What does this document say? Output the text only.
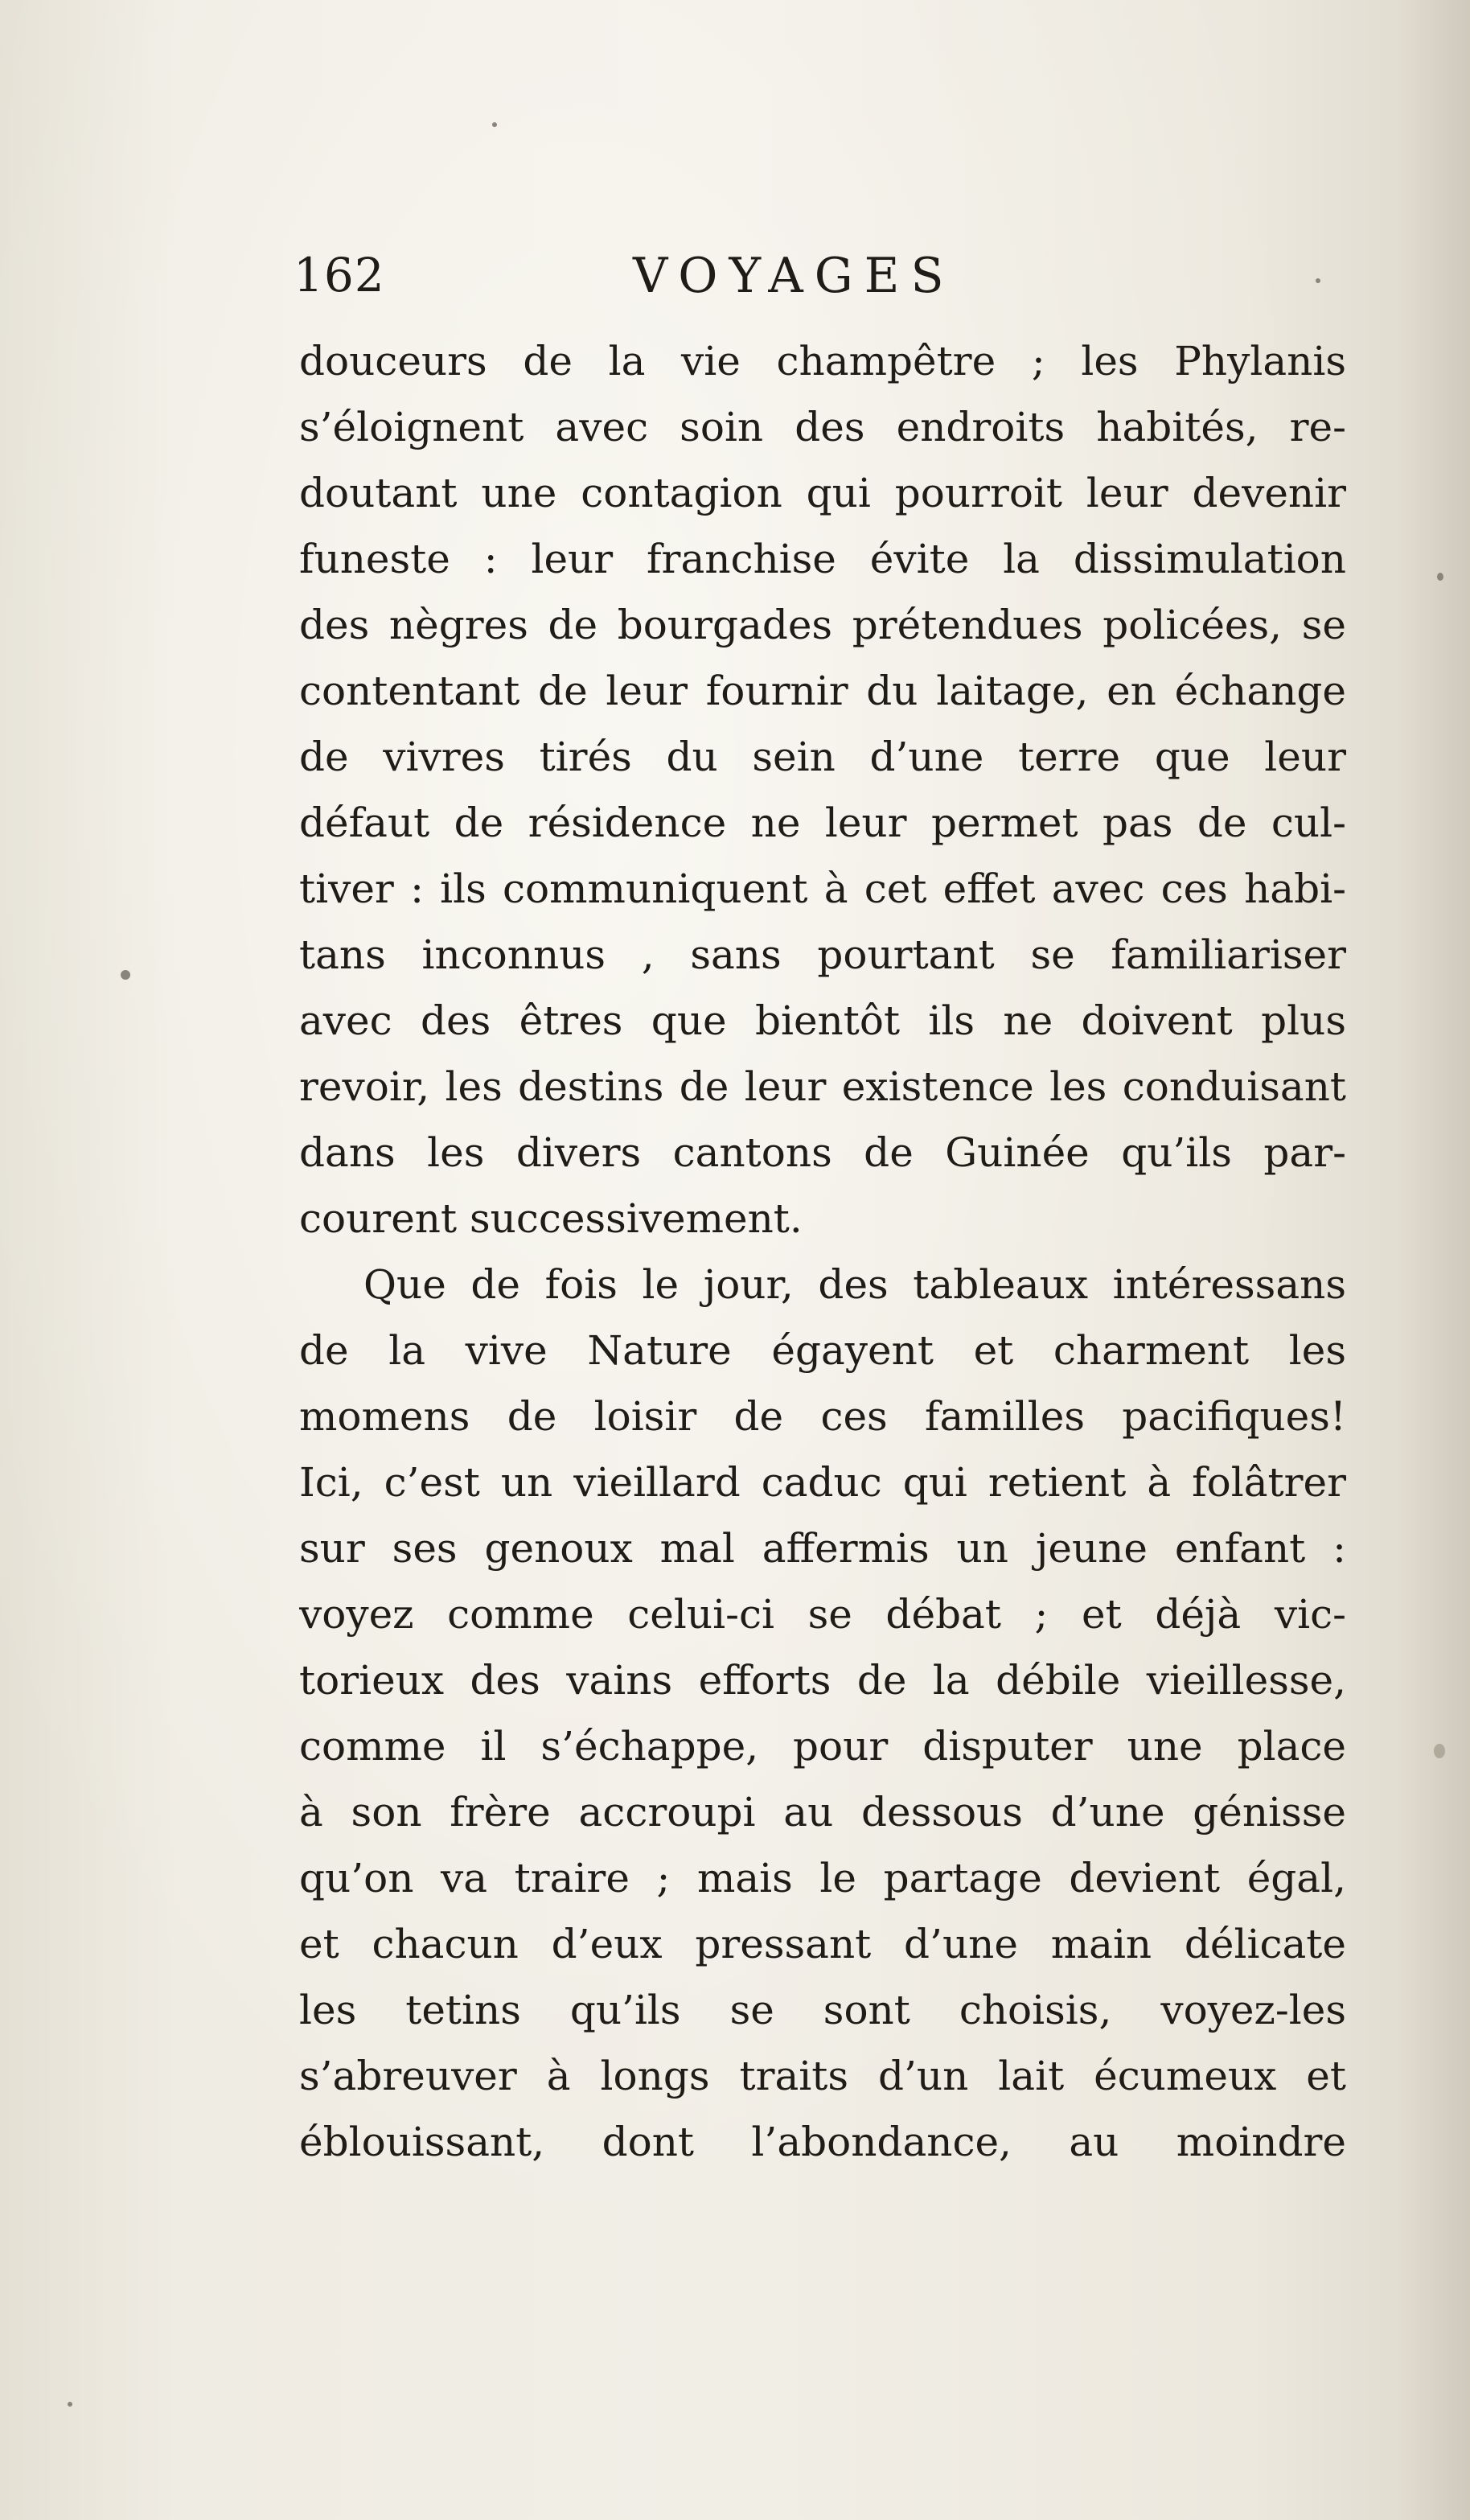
162	VOYAGES
douceurs de la vie champêtre ; les Phylanis
s’éloignent avec soin des endroits habités, re-
doutant une contagion qui pourroit leur devenir
funeste : leur franchise évite la dissimulation
des nègres de bourgades prétendues policées, se
contentant de leur fournir du laitage, en échange
de vivres tirés du sein d’une terre que leur
défaut de résidence ne leur permet pas de cul-
tiver : ils communiquent à cet effet avec ces habi-
tans inconnus , sans pourtant se familiariser
avec des êtres que bientôt ils ne doivent plus
revoir, les destins de leur existence les conduisant
dans les divers cantons de Guinée qu’ils par-
courent successivement.
Que de fois le jour, des tableaux intéressans
de la vive Nature égayent et charment les
momens de loisir de ces familles pacifiques!
Ici, c’est un vieillard caduc qui retient à folâtrer
sur ses genoux mal affermis un jeune enfant :
voyez comme celui-ci se débat ; et déjà vic-
torieux des vains efforts de la débile vieillesse,
comme il s’échappe, pour disputer une place
à son frère accroupi au dessous d’une génisse
qu’on va traire ; mais le partage devient égal,
et chacun d’eux pressant d’une main délicate
les tetins qu’ils se sont choisis, voyez-les
s’abreuver à longs traits d’un lait écumeux et
éblouissant, dont l’abondance, au moindre
